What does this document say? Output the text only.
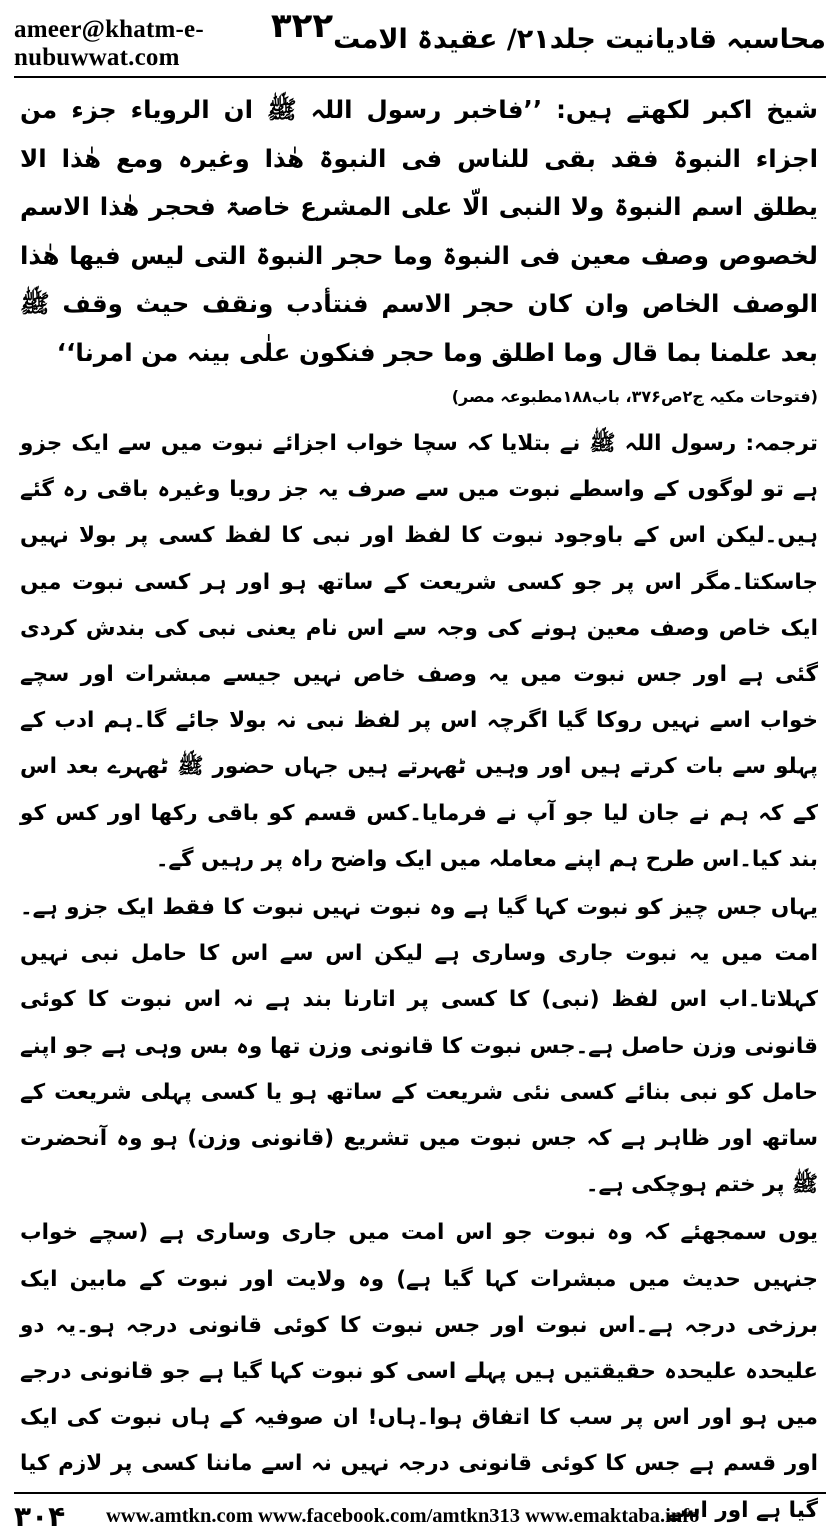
ameer@khatm-e-nubuwwat.com
۳۲۲ محاسبہ قادیانیت جلد۲۱/ عقیدۃ الامت

شیخ اکبر لکھتے ہیں: ’’فاخبر رسول اللہ ﷺ ان الرویاء جزء من اجزاء النبوۃ فقد بقی للناس فی النبوۃ ھٰذا وغیرہ ومع ھٰذا الا یطلق اسم النبوۃ ولا النبی الّا علی المشرع خاصۃ فحجر ھٰذا الاسم لخصوص وصف معین فی النبوۃ وما حجر النبوۃ التی لیس فیھا ھٰذا الوصف الخاص وان کان حجر الاسم فنتأدب ونقف حیث وقف ﷺ بعد علمنا بما قال وما اطلق وما حجر فنکون علٰی بینہ من امرنا‘‘

(فتوحات مکیہ ج۲ص۳۷۶، باب۱۸۸مطبوعہ مصر)

ترجمہ: رسول اللہ ﷺ نے بتلایا کہ سچا خواب اجزائے نبوت میں سے ایک جزو ہے تو لوگوں کے واسطے نبوت میں سے صرف یہ جز رویا وغیرہ باقی رہ گئے ہیں۔لیکن اس کے باوجود نبوت کا لفظ اور نبی کا لفظ کسی پر بولا نہیں جاسکتا۔مگر اس پر جو کسی شریعت کے ساتھ ہو اور ہر کسی نبوت میں ایک خاص وصف معین ہونے کی وجہ سے اس نام یعنی نبی کی بندش کردی گئی ہے اور جس نبوت میں یہ وصف خاص نہیں جیسے مبشرات اور سچے خواب اسے نہیں روکا گیا اگرچہ اس پر لفظ نبی نہ بولا جائے گا۔ہم ادب کے پہلو سے بات کرتے ہیں اور وہیں ٹھہرتے ہیں جہاں حضور ﷺ ٹھہرے بعد اس کے کہ ہم نے جان لیا جو آپ نے فرمایا۔کس قسم کو باقی رکھا اور کس کو بند کیا۔اس طرح ہم اپنے معاملہ میں ایک واضح راہ پر رہیں گے۔

یہاں جس چیز کو نبوت کہا گیا ہے وہ نبوت نہیں نبوت کا فقط ایک جزو ہے۔امت میں یہ نبوت جاری وساری ہے لیکن اس سے اس کا حامل نبی نہیں کہلاتا۔اب اس لفظ (نبی) کا کسی پر اتارنا بند ہے نہ اس نبوت کا کوئی قانونی وزن حاصل ہے۔جس نبوت کا قانونی وزن تھا وہ بس وہی ہے جو اپنے حامل کو نبی بنائے کسی نئی شریعت کے ساتھ ہو یا کسی پہلی شریعت کے ساتھ اور ظاہر ہے کہ جس نبوت میں تشریع (قانونی وزن) ہو وہ آنحضرت ﷺ پر ختم ہوچکی ہے۔

یوں سمجھئے کہ وہ نبوت جو اس امت میں جاری وساری ہے (سچے خواب جنہیں حدیث میں مبشرات کہا گیا ہے) وہ ولایت اور نبوت کے مابین ایک برزخی درجہ ہے۔اس نبوت اور جس نبوت کا کوئی قانونی درجہ ہو۔یہ دو علیحدہ علیحدہ حقیقتیں ہیں پہلے اسی کو نبوت کہا گیا ہے جو قانونی درجے میں ہو اور اس پر سب کا اتفاق ہوا۔ہاں! ان صوفیہ کے ہاں نبوت کی ایک اور قسم ہے جس کا کوئی قانونی درجہ نہیں نہ اسے ماننا کسی پر لازم کیا گیا ہے اور اسے

۳۰۴	www.amtkn.com www.facebook.com/amtkn313 www.emaktaba.info
